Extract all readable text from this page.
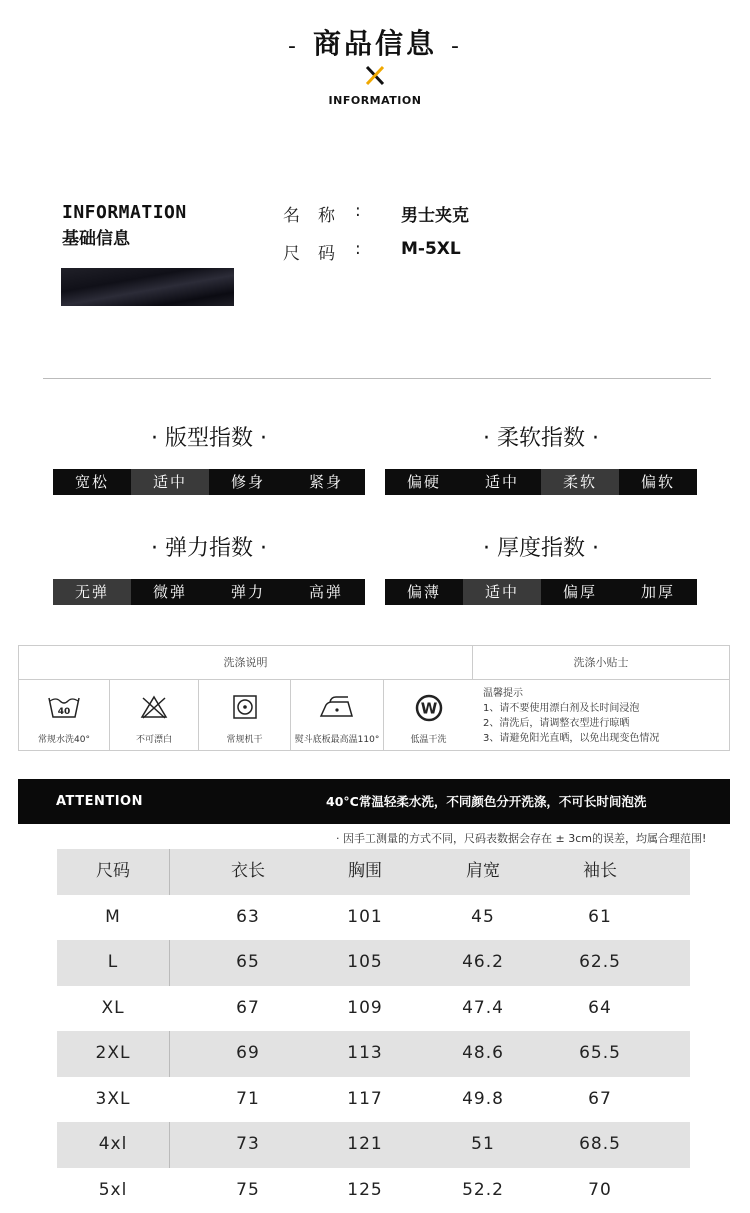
- 商品信息 -
INFORMATION
INFORMATION
基础信息
名称 : 男士夹克
尺码 : M-5XL
· 版型指数 ·
宽松	适中	修身	紧身
· 柔软指数 ·
偏硬	适中	柔软	偏软
· 弹力指数 ·
无弹	微弹	弹力	高弹
· 厚度指数 ·
偏薄	适中	偏厚	加厚
洗涤说明	洗涤小贴士
40
常规水洗40°	不可漂白	常规机干	熨斗底板最高温110°
W
低温干洗
温馨提示
1、请不要使用漂白剂及长时间浸泡
2、清洗后，请调整衣型进行晾晒
3、请避免阳光直晒，以免出现变色情况
ATTENTION	40°C常温轻柔水洗，不同颜色分开洗涤，不可长时间泡洗
· 因手工测量的方式不同，尺码表数据会存在 ± 3cm的误差，均属合理范围!
尺码	衣长	胸围	肩宽	袖长
M	63	101	45	61
L	65	105	46.2	62.5
XL	67	109	47.4	64
2XL	69	113	48.6	65.5
3XL	71	117	49.8	67
4xl	73	121	51	68.5
5xl	75	125	52.2	70
